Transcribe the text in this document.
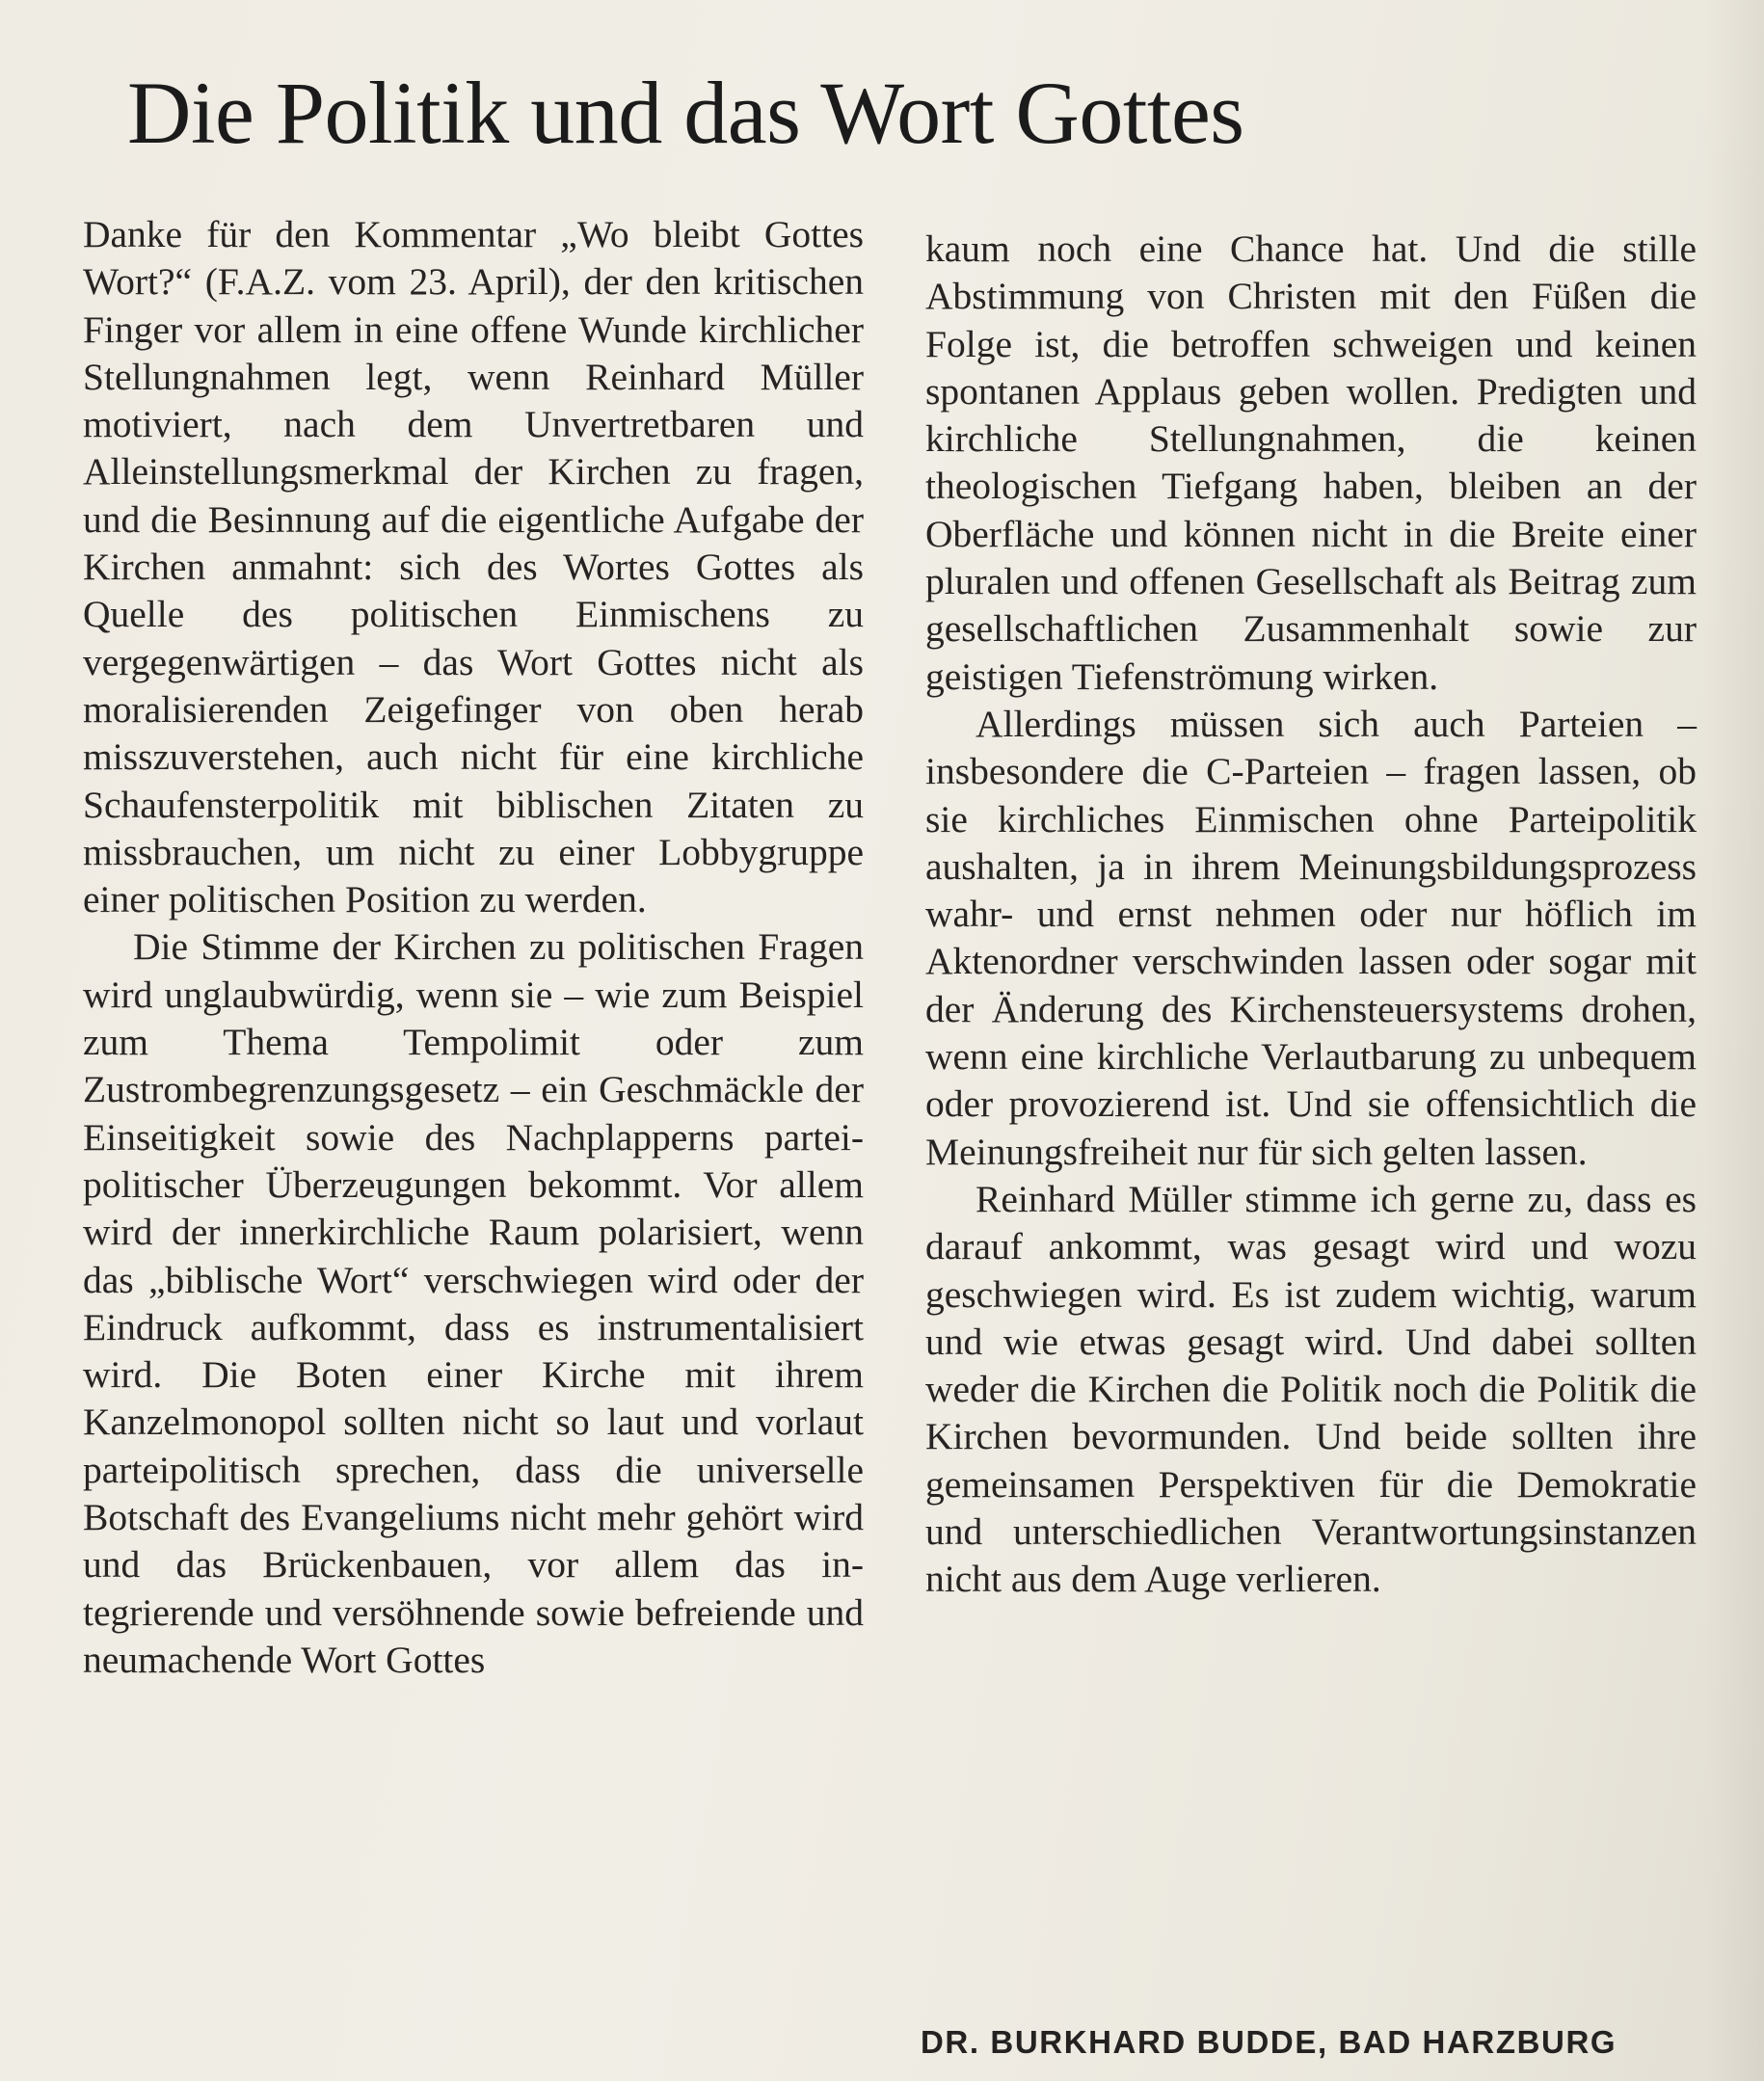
Die Politik und das Wort Gottes

Danke für den Kommentar „Wo bleibt Gottes Wort?“ (F.A.Z. vom 23. April), der den kritischen Finger vor allem in eine offene Wunde kirchlicher Stellungnahmen legt, wenn Reinhard Müller motiviert, nach dem Unvertretbaren und Alleinstellungsmerkmal der Kirchen zu fragen, und die Besinnung auf die eigentliche Aufgabe der Kirchen anmahnt: sich des Wortes Gottes als Quelle des politischen Einmischens zu vergegenwärtigen – das Wort Gottes nicht als moralisierenden Zeigefinger von oben herab misszuverstehen, auch nicht für eine kirchliche Schaufensterpolitik mit biblischen Zitaten zu missbrauchen, um nicht zu einer Lobbygruppe einer politischen Position zu werden.

Die Stimme der Kirchen zu politischen Fragen wird unglaubwürdig, wenn sie – wie zum Beispiel zum Thema Tempolimit oder zum Zustrombegrenzungsgesetz – ein Geschmäckle der Einseitigkeit sowie des Nachplapperns parteipolitischer Überzeugungen bekommt. Vor allem wird der innerkirchliche Raum polarisiert, wenn das „biblische Wort“ verschwiegen wird oder der Eindruck aufkommt, dass es instrumentalisiert wird. Die Boten einer Kirche mit ihrem Kanzelmonopol sollten nicht so laut und vorlaut parteipolitisch sprechen, dass die universelle Botschaft des Evangeliums nicht mehr gehört wird und das Brückenbauen, vor allem das integrierende und versöhnende sowie befreiende und neumachende Wort Gottes

kaum noch eine Chance hat. Und die stille Abstimmung von Christen mit den Füßen die Folge ist, die betroffen schweigen und keinen spontanen Applaus geben wollen. Predigten und kirchliche Stellungnahmen, die keinen theologischen Tiefgang haben, bleiben an der Oberfläche und können nicht in die Breite einer pluralen und offenen Gesellschaft als Beitrag zum gesellschaftlichen Zusammenhalt sowie zur geistigen Tiefenströmung wirken.

Allerdings müssen sich auch Parteien – insbesondere die C-Parteien – fragen lassen, ob sie kirchliches Einmischen ohne Parteipolitik aushalten, ja in ihrem Meinungsbildungsprozess wahr- und ernst nehmen oder nur höflich im Aktenordner verschwinden lassen oder sogar mit der Änderung des Kirchensteuersystems drohen, wenn eine kirchliche Verlautbarung zu unbequem oder provozierend ist. Und sie offensichtlich die Meinungsfreiheit nur für sich gelten lassen.

Reinhard Müller stimme ich gerne zu, dass es darauf ankommt, was gesagt wird und wozu geschwiegen wird. Es ist zudem wichtig, warum und wie etwas gesagt wird. Und dabei sollten weder die Kirchen die Politik noch die Politik die Kirchen bevormunden. Und beide sollten ihre gemeinsamen Perspektiven für die Demokratie und unterschiedlichen Verantwortungsinstanzen nicht aus dem Auge verlieren.

DR. BURKHARD BUDDE, BAD HARZBURG
